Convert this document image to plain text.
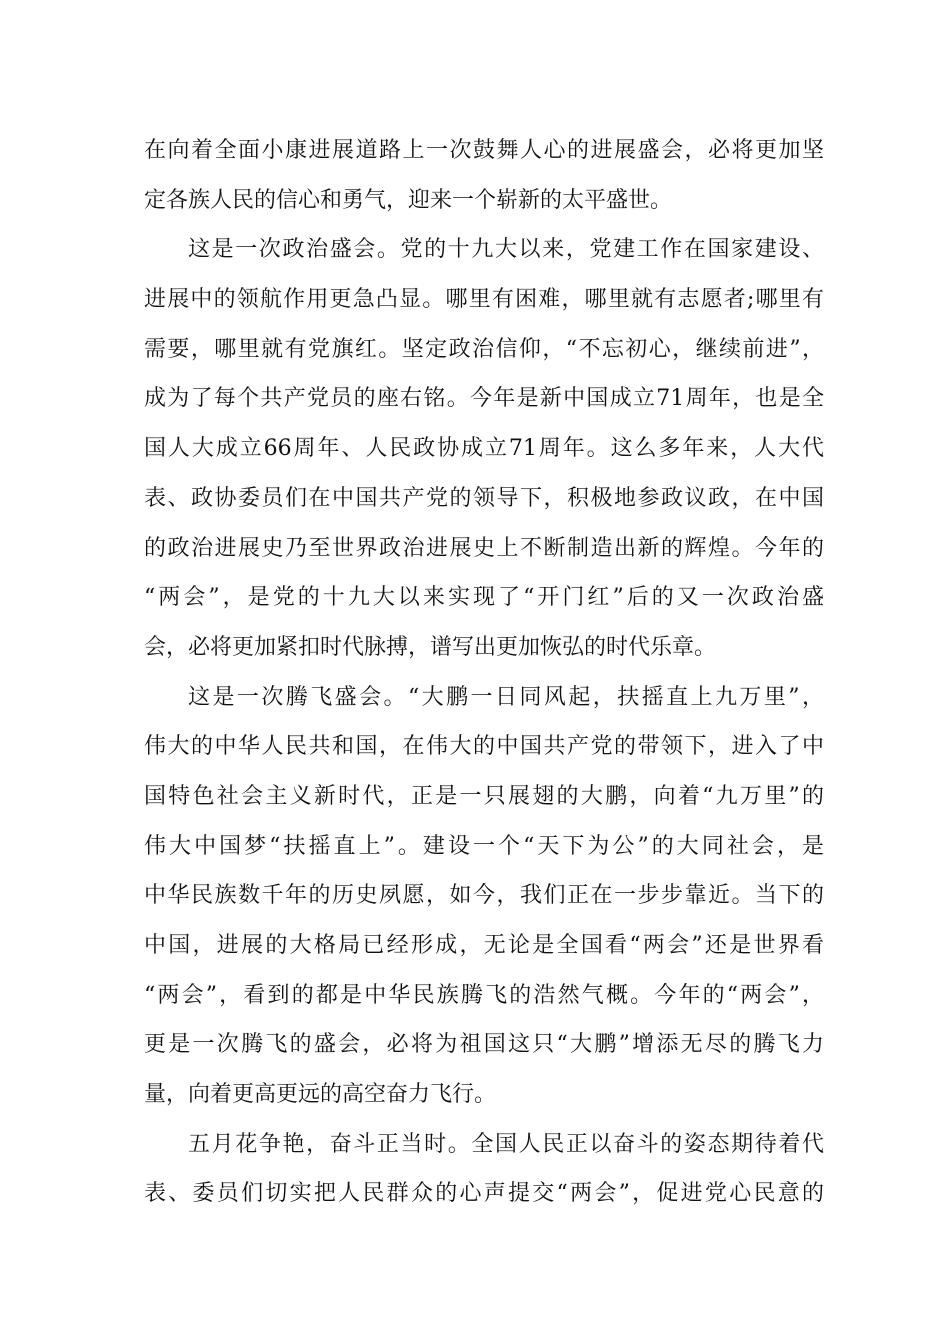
在向着全面小康进展道路上一次鼓舞人心的进展盛会，必将更加坚
定各族人民的信心和勇气，迎来一个崭新的太平盛世。
这是一次政治盛会。党的十九大以来，党建工作在国家建设、
进展中的领航作用更急凸显。哪里有困难，哪里就有志愿者;哪里有
需要，哪里就有党旗红。坚定政治信仰，“不忘初心，继续前进”，
成为了每个共产党员的座右铭。今年是新中国成立71周年，也是全
国人大成立66周年、人民政协成立71周年。这么多年来，人大代
表、政协委员们在中国共产党的领导下，积极地参政议政，在中国
的政治进展史乃至世界政治进展史上不断制造出新的辉煌。今年的
“两会”，是党的十九大以来实现了“开门红”后的又一次政治盛
会，必将更加紧扣时代脉搏，谱写出更加恢弘的时代乐章。
这是一次腾飞盛会。“大鹏一日同风起，扶摇直上九万里”，
伟大的中华人民共和国，在伟大的中国共产党的带领下，进入了中
国特色社会主义新时代，正是一只展翅的大鹏，向着“九万里”的
伟大中国梦“扶摇直上”。建设一个“天下为公”的大同社会，是
中华民族数千年的历史夙愿，如今，我们正在一步步靠近。当下的
中国，进展的大格局已经形成，无论是全国看“两会”还是世界看
“两会”，看到的都是中华民族腾飞的浩然气概。今年的“两会”，
更是一次腾飞的盛会，必将为祖国这只“大鹏”增添无尽的腾飞力
量，向着更高更远的高空奋力飞行。
五月花争艳，奋斗正当时。全国人民正以奋斗的姿态期待着代
表、委员们切实把人民群众的心声提交“两会”，促进党心民意的
